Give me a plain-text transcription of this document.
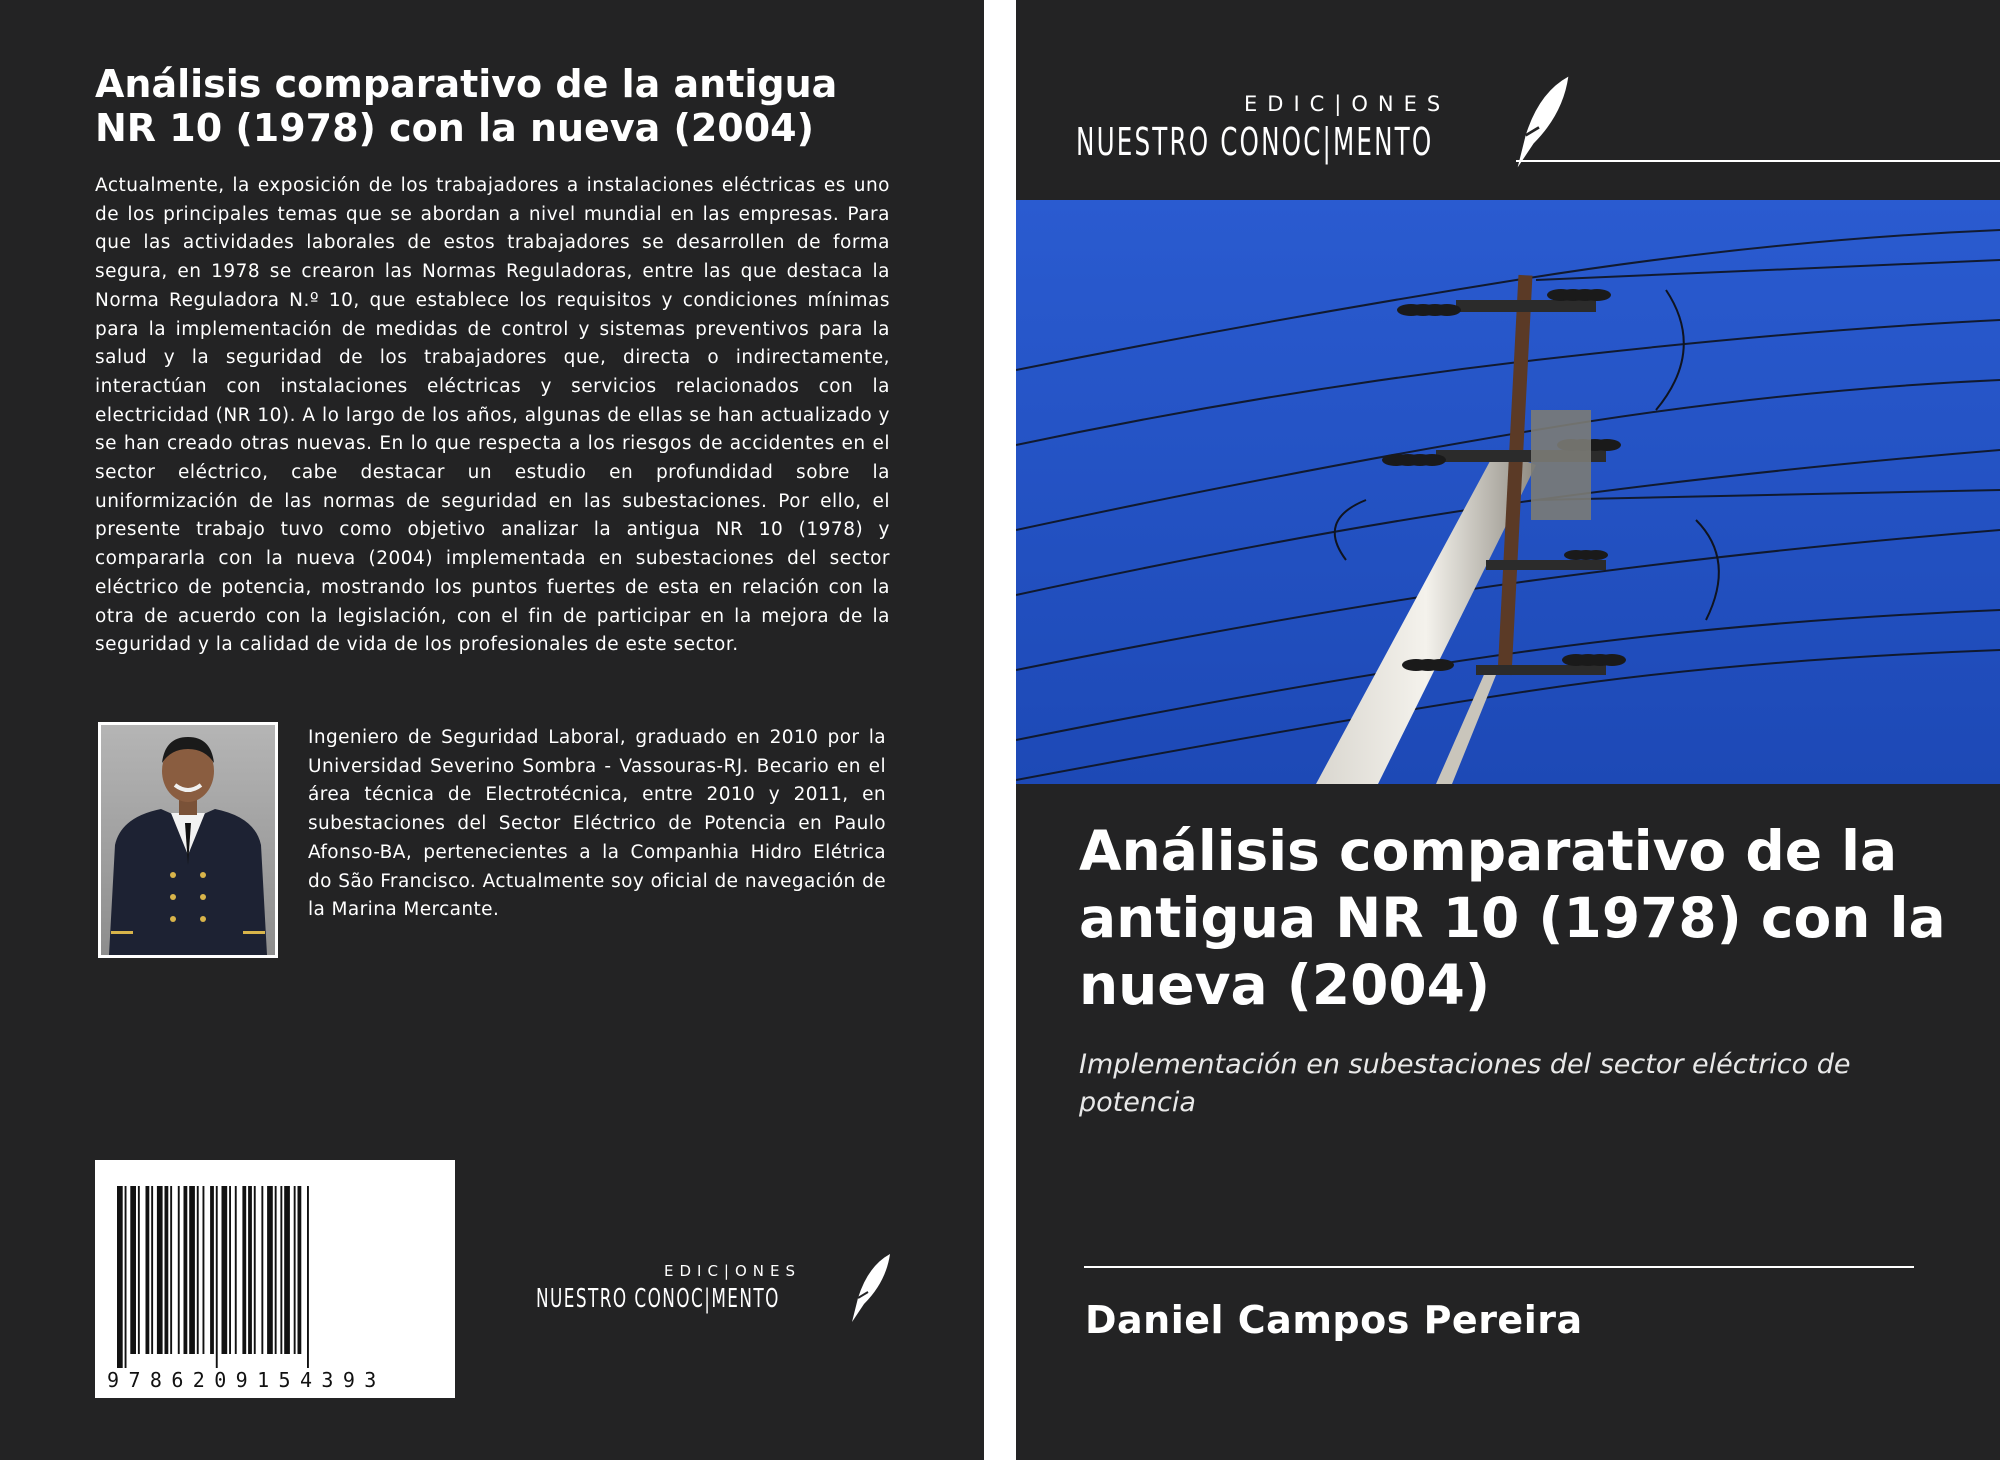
Análisis comparativo de la antigua NR 10 (1978) con la nueva (2004)

Actualmente, la exposición de los trabajadores a instalaciones eléctricas es uno de los principales temas que se abordan a nivel mundial en las empresas. Para que las actividades laborales de estos trabajadores se desarrollen de forma segura, en 1978 se crearon las Normas Reguladoras, entre las que destaca la Norma Reguladora N.º 10, que establece los requisitos y condiciones mínimas para la implementación de medidas de control y sistemas preventivos para la salud y la seguridad de los trabajadores que, directa o indirectamente, interactúan con instalaciones eléctricas y servicios relacionados con la electricidad (NR 10). A lo largo de los años, algunas de ellas se han actualizado y se han creado otras nuevas. En lo que respecta a los riesgos de accidentes en el sector eléctrico, cabe destacar un estudio en profundidad sobre la uniformización de las normas de seguridad en las subestaciones. Por ello, el presente trabajo tuvo como objetivo analizar la antigua NR 10 (1978) y compararla con la nueva (2004) implementada en subestaciones del sector eléctrico de potencia, mostrando los puntos fuertes de esta en relación con la otra de acuerdo con la legislación, con el fin de participar en la mejora de la seguridad y la calidad de vida de los profesionales de este sector.

Ingeniero de Seguridad Laboral, graduado en 2010 por la Universidad Severino Sombra - Vassouras-RJ. Becario en el área técnica de Electrotécnica, entre 2010 y 2011, en subestaciones del Sector Eléctrico de Potencia en Paulo Afonso-BA, pertenecientes a la Companhia Hidro Elétrica do São Francisco. Actualmente soy oficial de navegación de la Marina Mercante.

9786209154393
EDIC|ONES
NUESTRO CONOC|MENTO
EDIC|ONES
NUESTRO CONOC|MENTO
Análisis comparativo de la antigua NR 10 (1978) con la nueva (2004)

Implementación en subestaciones del sector eléctrico de potencia

Daniel Campos Pereira
